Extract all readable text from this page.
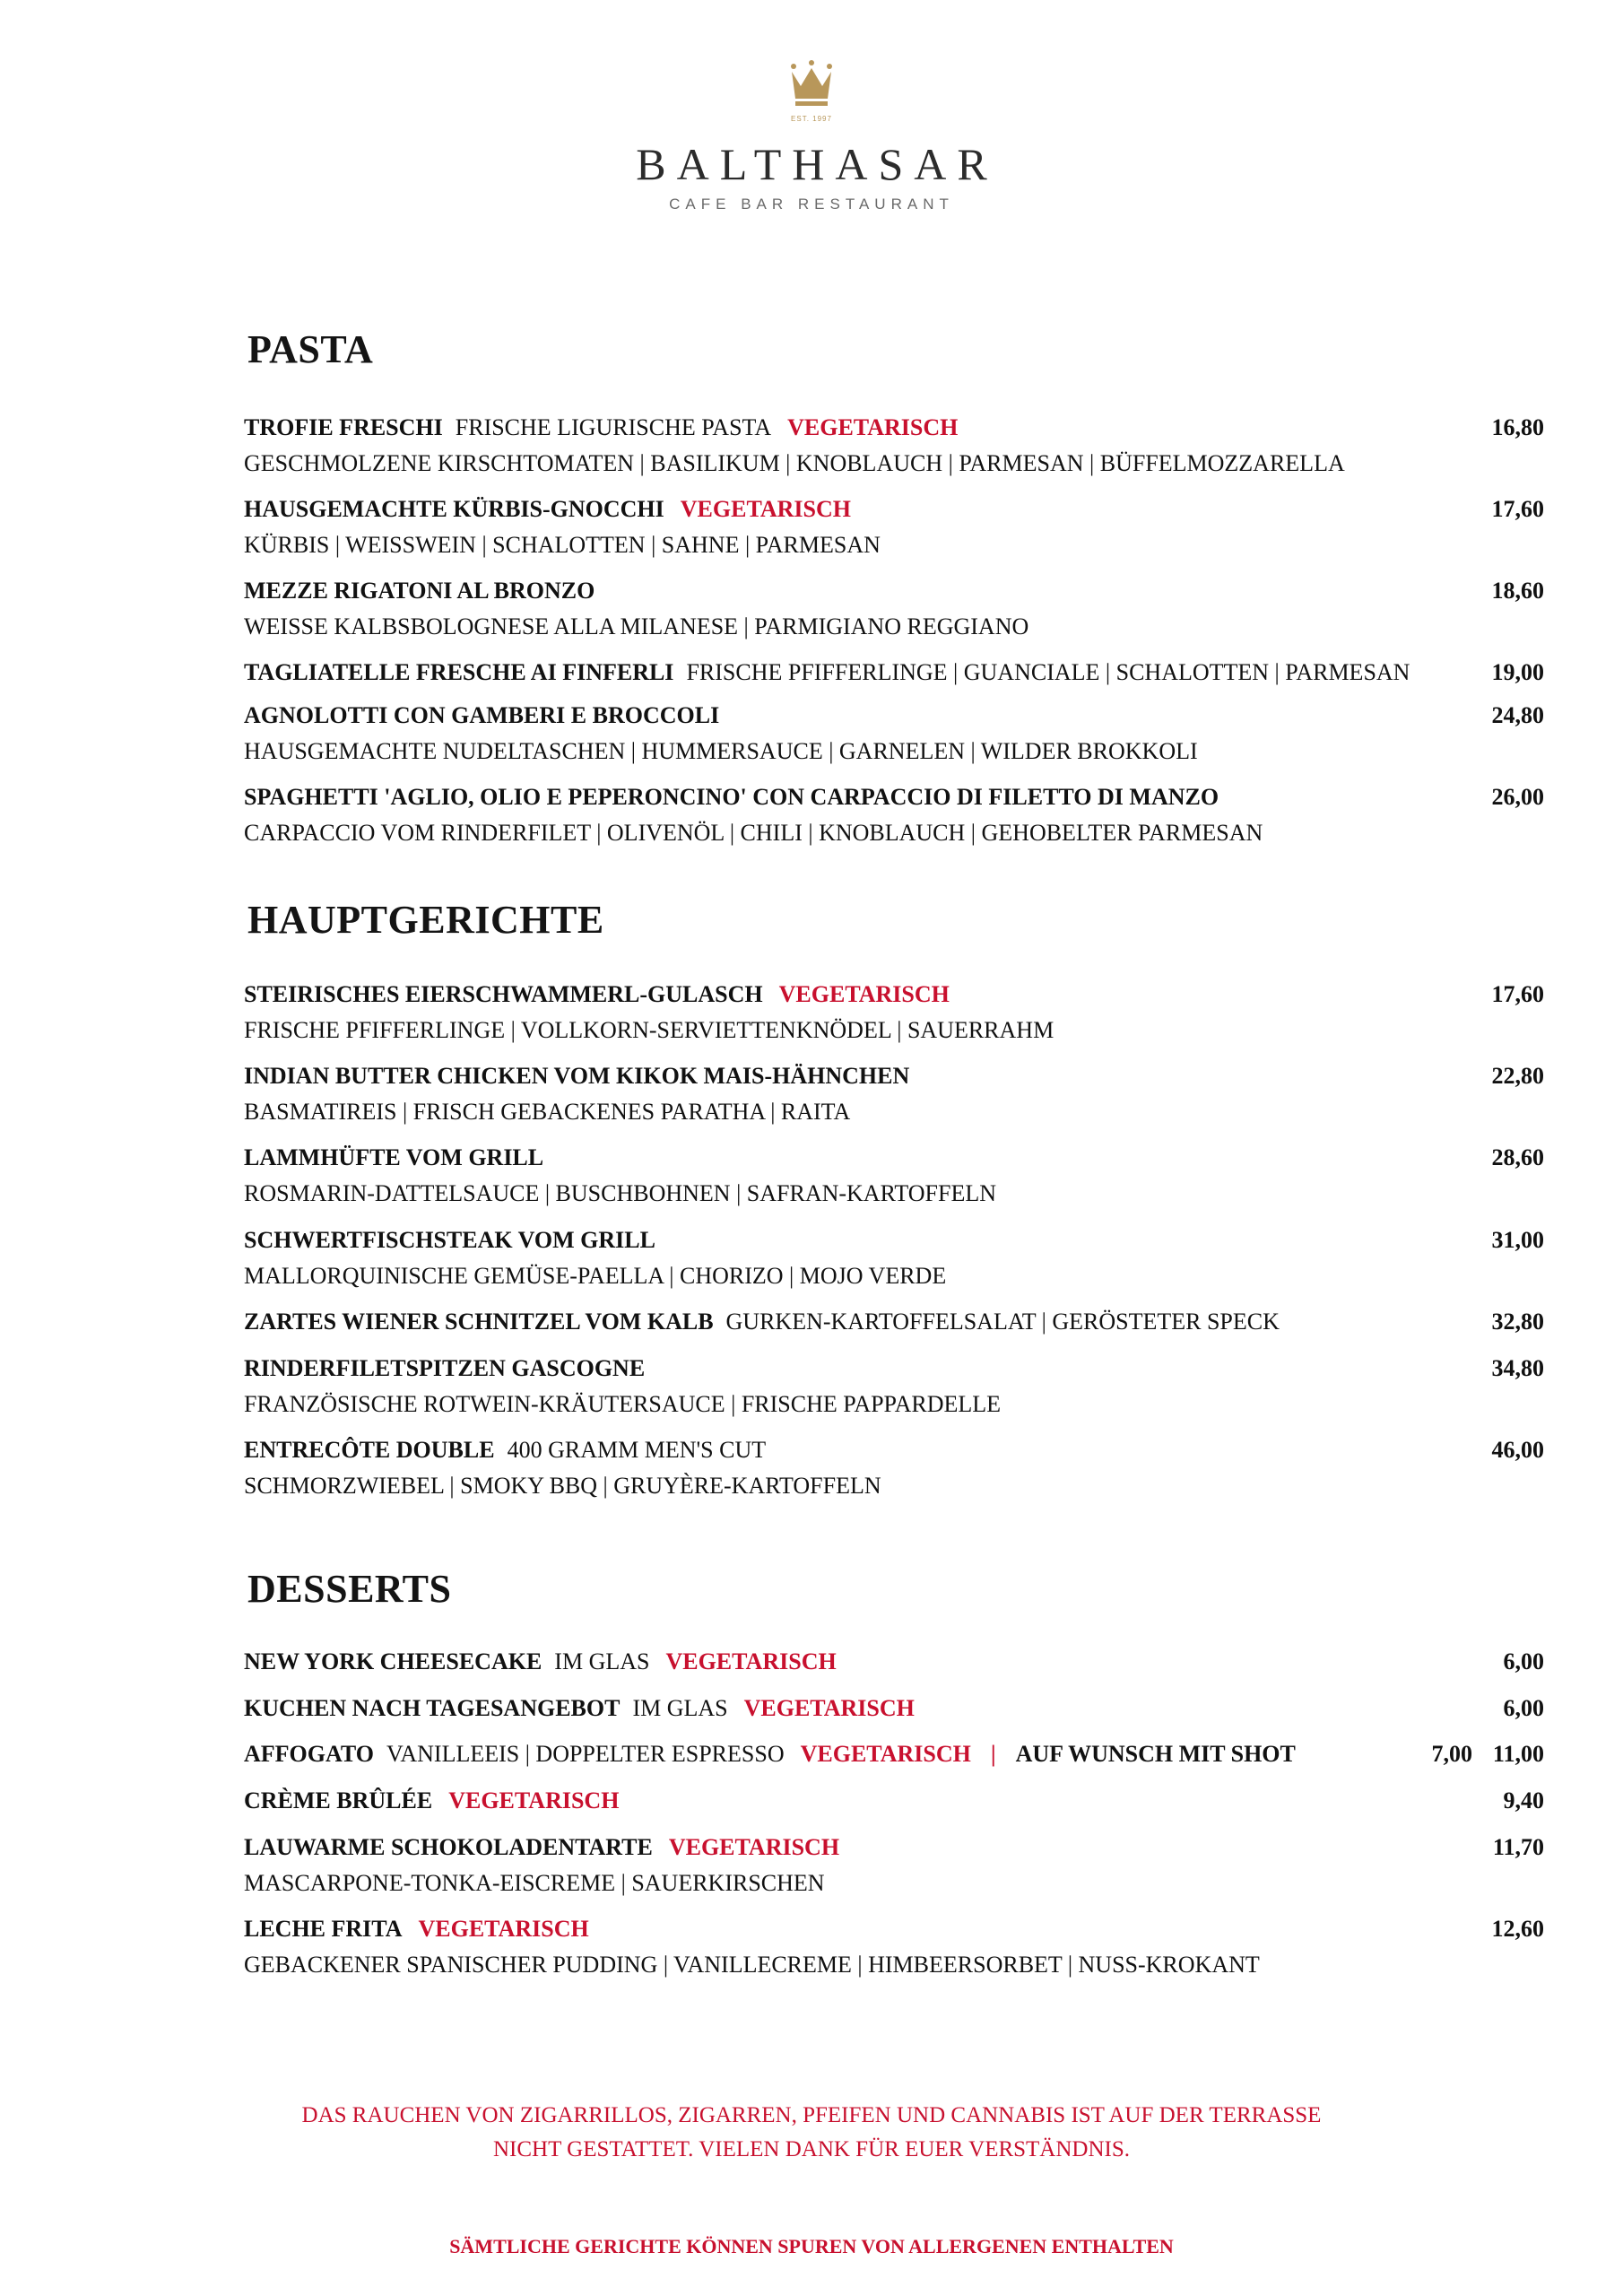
EST. 1997
BALTHASAR
CAFE BAR RESTAURANT
PASTA
TROFIE FRESCHI FRISCHE LIGURISCHE PASTA VEGETARISCH	16,80
GESCHMOLZENE KIRSCHTOMATEN | BASILIKUM | KNOBLAUCH | PARMESAN | BÜFFELMOZZARELLA
HAUSGEMACHTE KÜRBIS-GNOCCHI VEGETARISCH	17,60
KÜRBIS | WEISSWEIN | SCHALOTTEN | SAHNE | PARMESAN
MEZZE RIGATONI AL BRONZO	18,60
WEISSE KALBSBOLOGNESE ALLA MILANESE | PARMIGIANO REGGIANO
TAGLIATELLE FRESCHE AI FINFERLI FRISCHE PFIFFERLINGE | GUANCIALE | SCHALOTTEN | PARMESAN	19,00
AGNOLOTTI CON GAMBERI E BROCCOLI	24,80
HAUSGEMACHTE NUDELTASCHEN | HUMMERSAUCE | GARNELEN | WILDER BROKKOLI
SPAGHETTI 'AGLIO, OLIO E PEPERONCINO' CON CARPACCIO DI FILETTO DI MANZO	26,00
CARPACCIO VOM RINDERFILET | OLIVENÖL | CHILI | KNOBLAUCH | GEHOBELTER PARMESAN
HAUPTGERICHTE
STEIRISCHES EIERSCHWAMMERL-GULASCH VEGETARISCH	17,60
FRISCHE PFIFFERLINGE | VOLLKORN-SERVIETTENKNÖDEL | SAUERRAHM
INDIAN BUTTER CHICKEN VOM KIKOK MAIS-HÄHNCHEN	22,80
BASMATIREIS | FRISCH GEBACKENES PARATHA | RAITA
LAMMHÜFTE VOM GRILL	28,60
ROSMARIN-DATTELSAUCE | BUSCHBOHNEN | SAFRAN-KARTOFFELN
SCHWERTFISCHSTEAK VOM GRILL	31,00
MALLORQUINISCHE GEMÜSE-PAELLA | CHORIZO | MOJO VERDE
ZARTES WIENER SCHNITZEL VOM KALB GURKEN-KARTOFFELSALAT | GERÖSTETER SPECK	32,80
RINDERFILETSPITZEN GASCOGNE	34,80
FRANZÖSISCHE ROTWEIN-KRÄUTERSAUCE | FRISCHE PAPPARDELLE
ENTRECÔTE DOUBLE 400 GRAMM MEN'S CUT	46,00
SCHMORZWIEBEL | SMOKY BBQ | GRUYÈRE-KARTOFFELN
DESSERTS
NEW YORK CHEESECAKE IM GLAS VEGETARISCH	6,00
KUCHEN NACH TAGESANGEBOT IM GLAS VEGETARISCH	6,00
AFFOGATO VANILLEEIS | DOPPELTER ESPRESSO VEGETARISCH | AUF WUNSCH MIT SHOT	7,00 11,00
CRÈME BRÛLÉE VEGETARISCH	9,40
LAUWARME SCHOKOLADENTARTE VEGETARISCH	11,70
MASCARPONE-TONKA-EISCREME | SAUERKIRSCHEN
LECHE FRITA VEGETARISCH	12,60
GEBACKENER SPANISCHER PUDDING | VANILLECREME | HIMBEERSORBET | NUSS-KROKANT
DAS RAUCHEN VON ZIGARRILLOS, ZIGARREN, PFEIFEN UND CANNABIS IST AUF DER TERRASSE
NICHT GESTATTET. VIELEN DANK FÜR EUER VERSTÄNDNIS.
SÄMTLICHE GERICHTE KÖNNEN SPUREN VON ALLERGENEN ENTHALTEN
